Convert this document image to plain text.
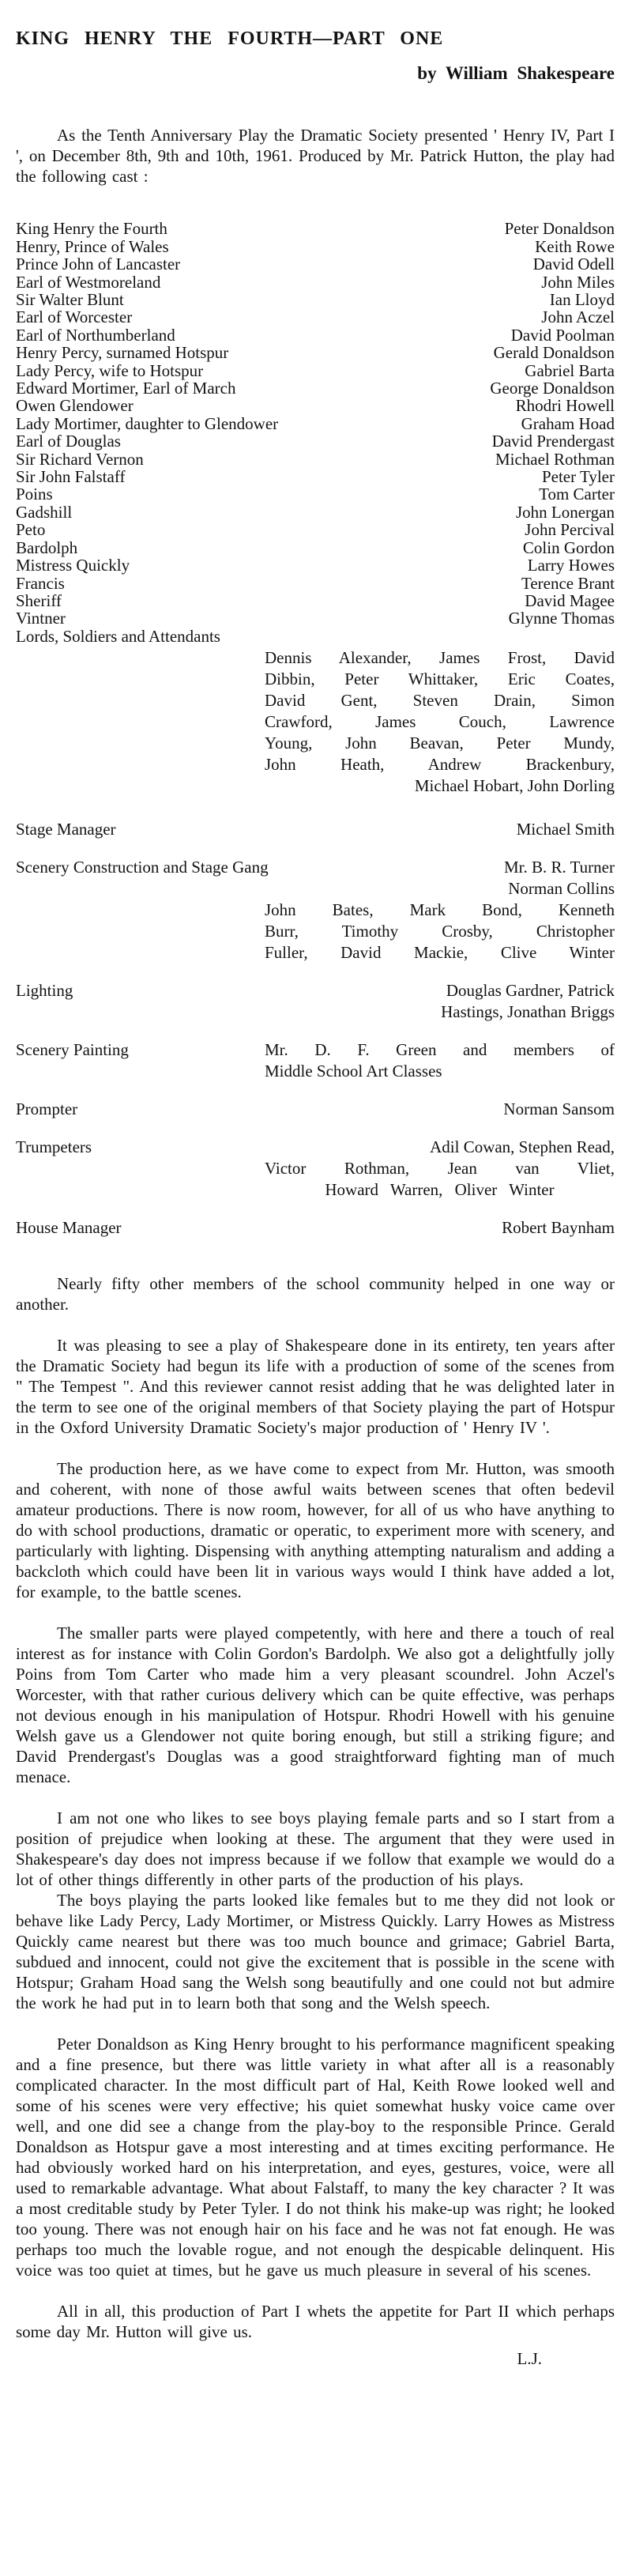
KING HENRY THE FOURTH—PART ONE
by William Shakespeare

As the Tenth Anniversary Play the Dramatic Society presented ' Henry IV, Part I ', on December 8th, 9th and 10th, 1961. Produced by Mr. Patrick Hutton, the play had the following cast :

King Henry the Fourth	Peter Donaldson
Henry, Prince of Wales	Keith Rowe
Prince John of Lancaster	David Odell
Earl of Westmoreland	John Miles
Sir Walter Blunt	Ian Lloyd
Earl of Worcester	John Aczel
Earl of Northumberland	David Poolman
Henry Percy, surnamed Hotspur	Gerald Donaldson
Lady Percy, wife to Hotspur	Gabriel Barta
Edward Mortimer, Earl of March	George Donaldson
Owen Glendower	Rhodri Howell
Lady Mortimer, daughter to Glendower	Graham Hoad
Earl of Douglas	David Prendergast
Sir Richard Vernon	Michael Rothman
Sir John Falstaff	Peter Tyler
Poins	Tom Carter
Gadshill	John Lonergan
Peto	John Percival
Bardolph	Colin Gordon
Mistress Quickly	Larry Howes
Francis	Terence Brant
Sheriff	David Magee
Vintner	Glynne Thomas
Lords, Soldiers and Attendants
Dennis Alexander, James Frost, David
Dibbin, Peter Whittaker, Eric Coates,
David Gent, Steven Drain, Simon
Crawford, James Couch, Lawrence
Young, John Beavan, Peter Mundy,
John Heath, Andrew Brackenbury,
Michael Hobart, John Dorling
Stage Manager	Michael Smith
Scenery Construction and Stage Gang	Mr. B. R. Turner
Norman Collins
John Bates, Mark Bond, Kenneth
Burr, Timothy Crosby, Christopher
Fuller, David Mackie, Clive Winter
Lighting	Douglas Gardner, Patrick
Hastings, Jonathan Briggs
Scenery Painting	Mr. D. F. Green and members of
Middle School Art Classes
Prompter	Norman Sansom
Trumpeters	Adil Cowan, Stephen Read,
Victor Rothman, Jean van Vliet,
Howard Warren, Oliver Winter
House Manager	Robert Baynham

Nearly fifty other members of the school community helped in one way or another.

It was pleasing to see a play of Shakespeare done in its entirety, ten years after the Dramatic Society had begun its life with a production of some of the scenes from " The Tempest ". And this reviewer cannot resist adding that he was delighted later in the term to see one of the original members of that Society playing the part of Hotspur in the Oxford University Dramatic Society's major production of ' Henry IV '.

The production here, as we have come to expect from Mr. Hutton, was smooth and coherent, with none of those awful waits between scenes that often bedevil amateur productions. There is now room, however, for all of us who have anything to do with school productions, dramatic or operatic, to experiment more with scenery, and particularly with lighting. Dispensing with anything attempting naturalism and adding a backcloth which could have been lit in various ways would I think have added a lot, for example, to the battle scenes.

The smaller parts were played competently, with here and there a touch of real interest as for instance with Colin Gordon's Bardolph. We also got a delightfully jolly Poins from Tom Carter who made him a very pleasant scoundrel. John Aczel's Worcester, with that rather curious delivery which can be quite effective, was perhaps not devious enough in his manipulation of Hotspur. Rhodri Howell with his genuine Welsh gave us a Glendower not quite boring enough, but still a striking figure; and David Prendergast's Douglas was a good straightforward fighting man of much menace.

I am not one who likes to see boys playing female parts and so I start from a position of prejudice when looking at these. The argument that they were used in Shakespeare's day does not impress because if we follow that example we would do a lot of other things differently in other parts of the production of his plays.

The boys playing the parts looked like females but to me they did not look or behave like Lady Percy, Lady Mortimer, or Mistress Quickly. Larry Howes as Mistress Quickly came nearest but there was too much bounce and grimace; Gabriel Barta, subdued and innocent, could not give the excitement that is possible in the scene with Hotspur; Graham Hoad sang the Welsh song beautifully and one could not but admire the work he had put in to learn both that song and the Welsh speech.

Peter Donaldson as King Henry brought to his performance magnificent speaking and a fine presence, but there was little variety in what after all is a reasonably complicated character. In the most difficult part of Hal, Keith Rowe looked well and some of his scenes were very effective; his quiet somewhat husky voice came over well, and one did see a change from the play-boy to the responsible Prince. Gerald Donaldson as Hotspur gave a most interesting and at times exciting performance. He had obviously worked hard on his interpretation, and eyes, gestures, voice, were all used to remarkable advantage. What about Falstaff, to many the key character ? It was a most creditable study by Peter Tyler. I do not think his make-up was right; he looked too young. There was not enough hair on his face and he was not fat enough. He was perhaps too much the lovable rogue, and not enough the despicable delinquent. His voice was too quiet at times, but he gave us much pleasure in several of his scenes.

All in all, this production of Part I whets the appetite for Part II which perhaps some day Mr. Hutton will give us.

L.J.
